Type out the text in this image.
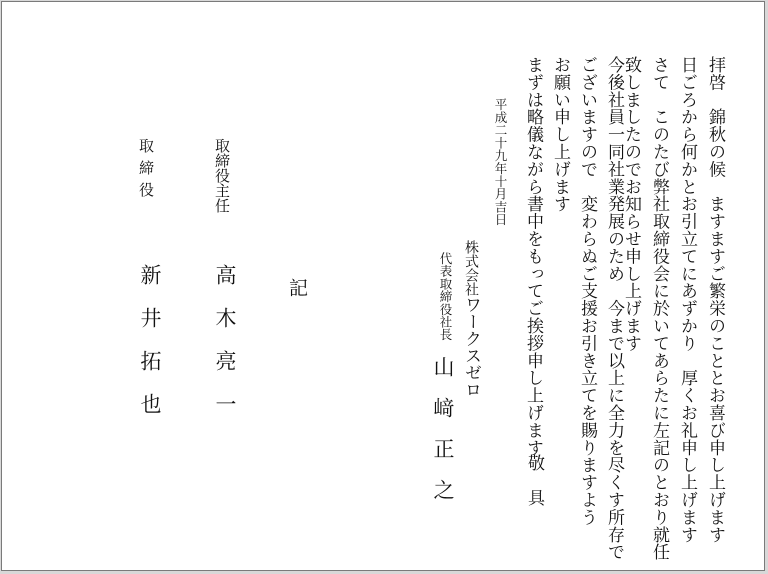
拝啓　錦秋の候　ますますご繁栄のこととお喜び申し上げます
日ごろから何かとお引立てにあずかり　厚くお礼申し上げます
さて　このたび弊社取締役会に於いてあらたに左記のとおり就任
致しましたのでお知らせ申し上げます
今後社員一同社業発展のため　今まで以上に全力を尽くす所存で
ございますので　変わらぬご支援お引き立てを賜りますよう
お願い申し上げます
まずは略儀ながら書中をもってご挨拶申し上げます
敬　具
平成二十九年十月吉日
株式会社ワークスゼロ
代表取締役社長
山﨑正之
記
取締役主任
高木亮一
取締役
新井拓也
